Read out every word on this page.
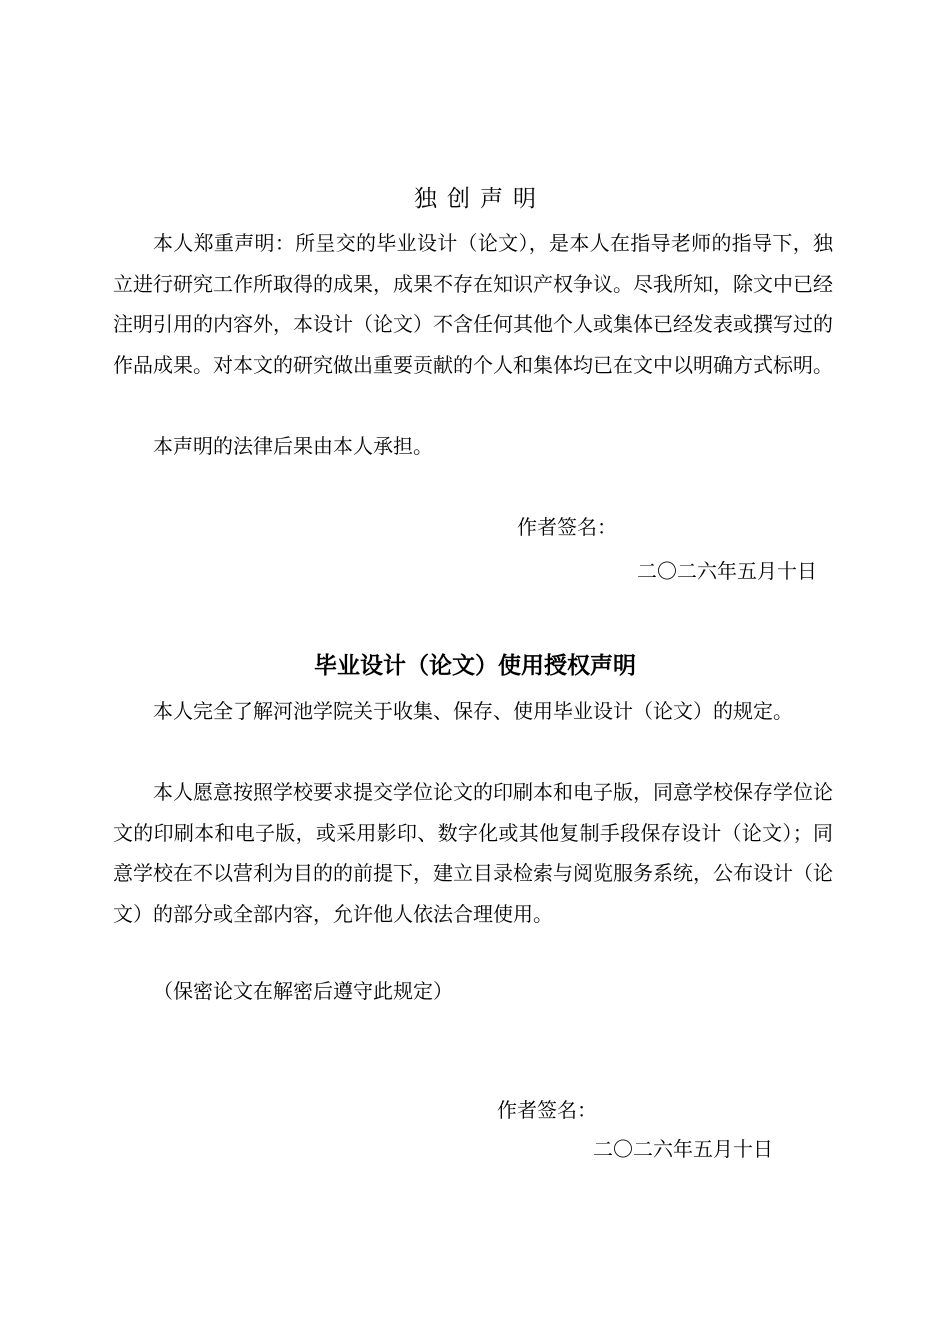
独创声明

本人郑重声明：所呈交的毕业设计（论文），是本人在指导老师的指导下，独立进行研究工作所取得的成果，成果不存在知识产权争议。尽我所知，除文中已经注明引用的内容外，本设计（论文）不含任何其他个人或集体已经发表或撰写过的作品成果。对本文的研究做出重要贡献的个人和集体均已在文中以明确方式标明。

本声明的法律后果由本人承担。

作者签名：
二〇二六年五月十日
毕业设计（论文）使用授权声明

本人完全了解河池学院关于收集、保存、使用毕业设计（论文）的规定。

本人愿意按照学校要求提交学位论文的印刷本和电子版，同意学校保存学位论文的印刷本和电子版，或采用影印、数字化或其他复制手段保存设计（论文）；同意学校在不以营利为目的的前提下，建立目录检索与阅览服务系统，公布设计（论文）的部分或全部内容，允许他人依法合理使用。

（保密论文在解密后遵守此规定）

作者签名：
二〇二六年五月十日
